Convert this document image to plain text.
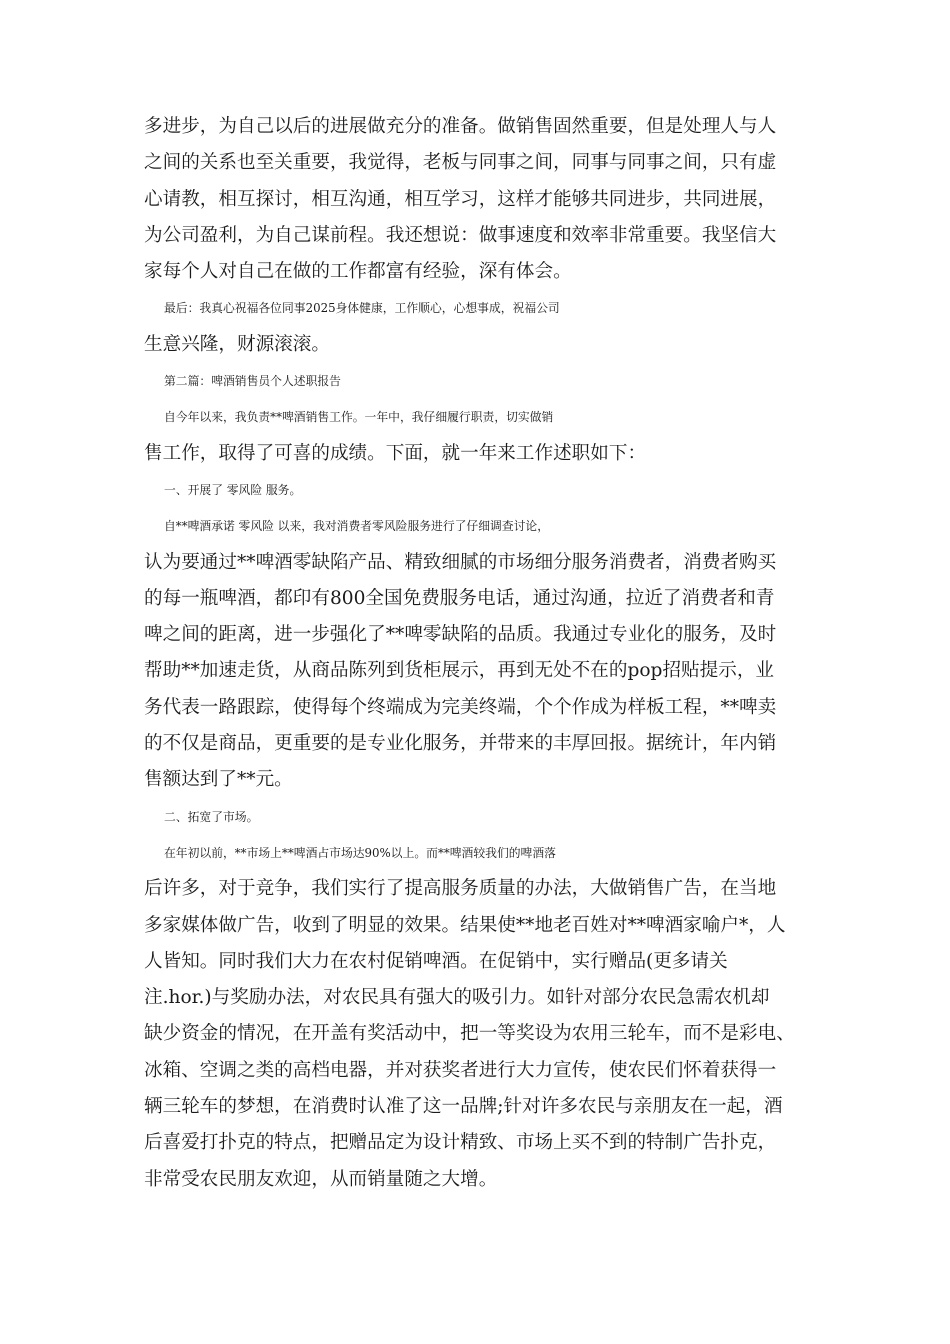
多进步，为自己以后的进展做充分的准备。做销售固然重要，但是处理人与人
之间的关系也至关重要，我觉得，老板与同事之间，同事与同事之间，只有虚
心请教，相互探讨，相互沟通，相互学习，这样才能够共同进步，共同进展，
为公司盈利，为自己谋前程。我还想说：做事速度和效率非常重要。我坚信大
家每个人对自己在做的工作都富有经验，深有体会。
最后：我真心祝福各位同事2025身体健康，工作顺心，心想事成，祝福公司
生意兴隆，财源滚滚。
第二篇：啤酒销售员个人述职报告
自今年以来，我负责**啤酒销售工作。一年中，我仔细履行职责，切实做销
售工作，取得了可喜的成绩。下面，就一年来工作述职如下：
一、开展了 零风险 服务。
自**啤酒承诺 零风险 以来，我对消费者零风险服务进行了仔细调查讨论，
认为要通过**啤酒零缺陷产品、精致细腻的市场细分服务消费者，消费者购买
的每一瓶啤酒，都印有800全国免费服务电话，通过沟通，拉近了消费者和青
啤之间的距离，进一步强化了**啤零缺陷的品质。我通过专业化的服务，及时
帮助**加速走货，从商品陈列到货柜展示，再到无处不在的pop招贴提示，业
务代表一路跟踪，使得每个终端成为完美终端，个个作成为样板工程，**啤卖
的不仅是商品，更重要的是专业化服务，并带来的丰厚回报。据统计，年内销
售额达到了**元。
二、拓宽了市场。
在年初以前，**市场上**啤酒占市场达90%以上。而**啤酒较我们的啤酒落
后许多，对于竞争，我们实行了提高服务质量的办法，大做销售广告，在当地
多家媒体做广告，收到了明显的效果。结果使**地老百姓对**啤酒家喻户*，人
人皆知。同时我们大力在农村促销啤酒。在促销中，实行赠品(更多请关
注.hor.)与奖励办法，对农民具有强大的吸引力。如针对部分农民急需农机却
缺少资金的情况，在开盖有奖活动中，把一等奖设为农用三轮车，而不是彩电、
冰箱、空调之类的高档电器，并对获奖者进行大力宣传，使农民们怀着获得一
辆三轮车的梦想，在消费时认准了这一品牌;针对许多农民与亲朋友在一起，酒
后喜爱打扑克的特点，把赠品定为设计精致、市场上买不到的特制广告扑克，
非常受农民朋友欢迎，从而销量随之大增。
